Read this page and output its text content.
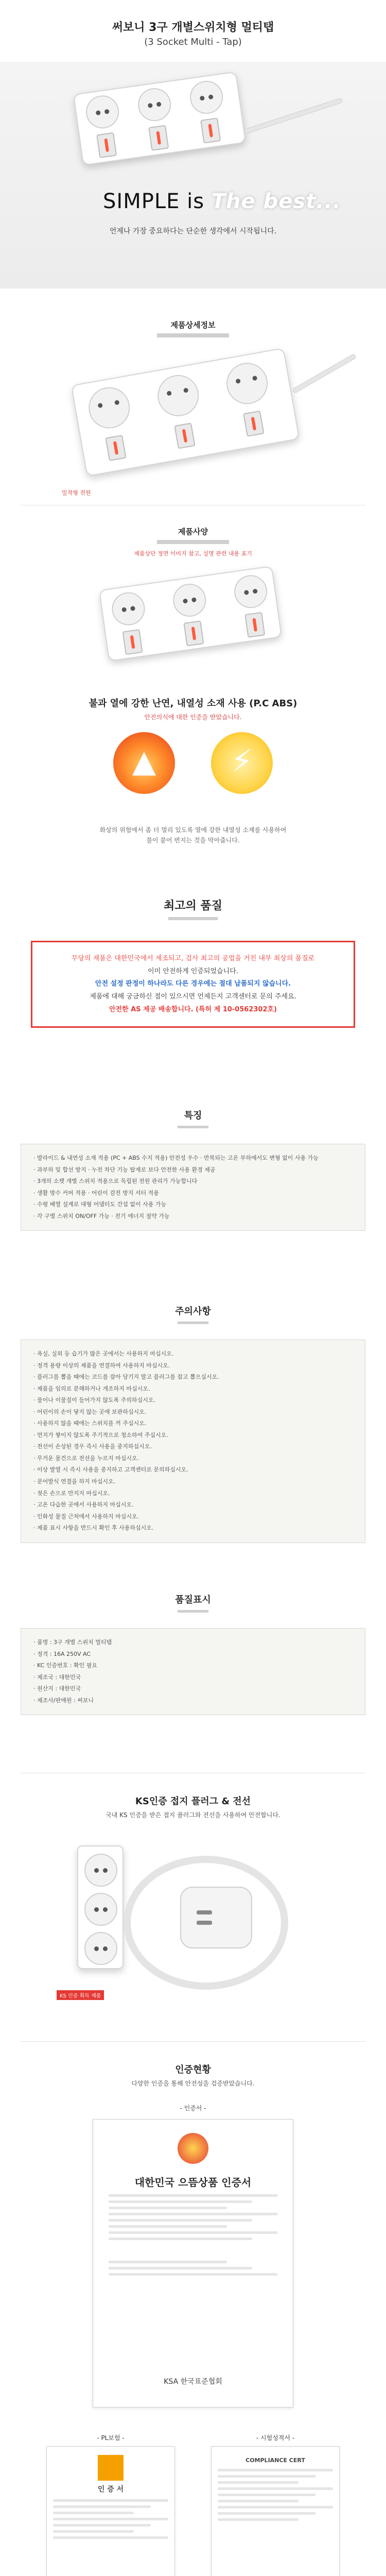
써보니 3구 개별스위치형 멀티탭
(3 Socket Multi - Tap)
SIMPLE is The best...
언제나 가장 중요하다는 단순한 생각에서 시작됩니다.
제품상세정보
밀착형 전원
제품사양
제품상단 정면 이미지 참고, 설명 관련 내용 표기
불과 열에 강한 난연, 내열성 소재 사용 (P.C ABS)
안전의식에 대한 인증을 받았습니다.
▲	⚡
화상의 위험에서 좀 더 멀리 있도록 열에 강한 내열성 소재를 사용하여
불이 붙어 번지는 것을 막아줍니다.
최고의 품질
무당의 제품은 대한민국에서 제조되고, 검사 최고의 공업을 거친 내부 최상의 품질로
이미 안전하게 인증되었습니다.
안전 설정 판정이 하나라도 다른 경우에는 절대 납품되지 않습니다.
제품에 대해 궁금하신 점이 있으시면 언제든지 고객센터로 문의 주세요.
안전한 AS 제공 배송합니다. (특허 제 10-0562302호)
특징
· 발라이드 & 내연성 소재 적용 (PC + ABS 수지 적용) 안전성 우수 · 반복되는 고온 부하에서도 변형 없이 사용 가능
· 과부하 및 합선 방지 · 누전 차단 기능 탑재로 보다 안전한 사용 환경 제공
· 3개의 소켓 개별 스위치 적용으로 독립된 전원 관리가 가능합니다
· 생활 방수 커버 적용 · 어린이 감전 방지 셔터 적용
· 수평 배열 설계로 대형 어댑터도 간섭 없이 사용 가능
· 각 구별 스위치 ON/OFF 가능 · 전기 에너지 절약 가능
주의사항
· 욕실, 실외 등 습기가 많은 곳에서는 사용하지 마십시오.
· 정격 용량 이상의 제품을 연결하여 사용하지 마십시오.
· 플러그를 뽑을 때에는 코드를 잡아 당기지 말고 플러그를 잡고 뽑으십시오.
· 제품을 임의로 분해하거나 개조하지 마십시오.
· 물이나 이물질이 들어가지 않도록 주의하십시오.
· 어린이의 손이 닿지 않는 곳에 보관하십시오.
· 사용하지 않을 때에는 스위치를 꺼 주십시오.
· 먼지가 쌓이지 않도록 주기적으로 청소하여 주십시오.
· 전선이 손상된 경우 즉시 사용을 중지하십시오.
· 무거운 물건으로 전선을 누르지 마십시오.
· 이상 발열 시 즉시 사용을 중지하고 고객센터로 문의하십시오.
· 문어발식 연결을 하지 마십시오.
· 젖은 손으로 만지지 마십시오.
· 고온 다습한 곳에서 사용하지 마십시오.
· 인화성 물질 근처에서 사용하지 마십시오.
· 제품 표시 사항을 반드시 확인 후 사용하십시오.
품질표시
· 품명 : 3구 개별 스위치 멀티탭
· 정격 : 16A 250V AC
· KC 인증번호 : 확인 필요
· 제조국 : 대한민국
· 원산지 : 대한민국
· 제조사/판매원 : 써보니
KS인증 접지 플러그 & 전선
국내 KS 인증을 받은 접지 플러그와 전선을 사용하여 안전합니다.
KS 인증 획득 제품
인증현황
다양한 인증을 통해 안전성을 검증받았습니다.
- 인증서 -
대한민국 으뜸상품 인증서
KSA 한국표준협회
- PL보험 -
인 증 서
- 시험성적서 -
COMPLIANCE CERT
